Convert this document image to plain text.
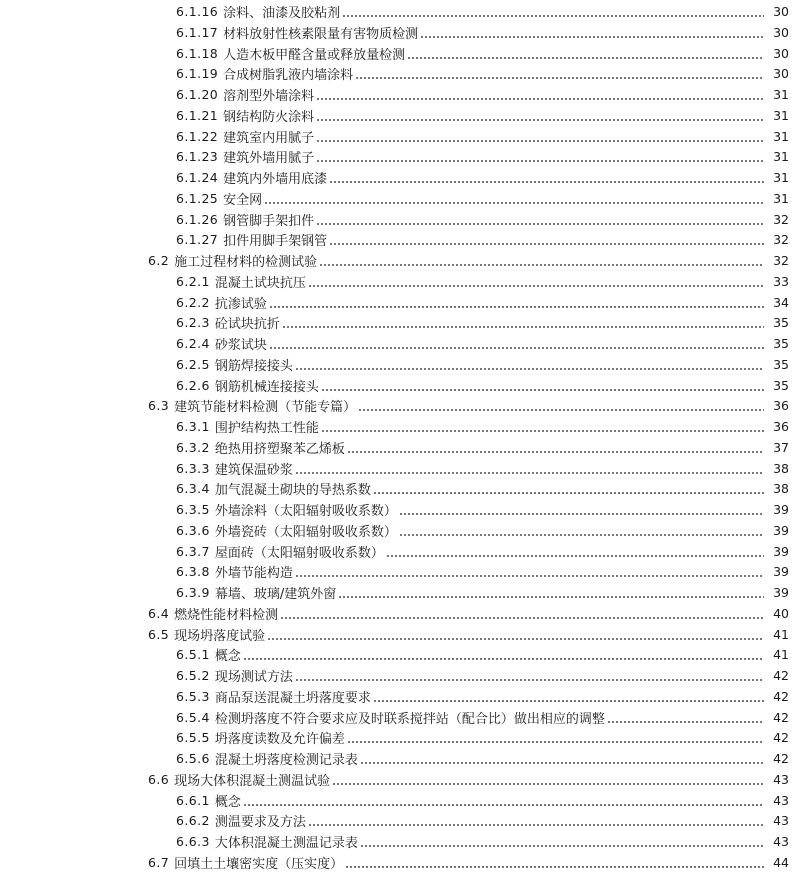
6.1.16 涂料、油漆及胶粘剂	30
6.1.17 材料放射性核素限量有害物质检测	30
6.1.18 人造木板甲醛含量或释放量检测	30
6.1.19 合成树脂乳液内墙涂料	30
6.1.20 溶剂型外墙涂料	31
6.1.21 钢结构防火涂料	31
6.1.22 建筑室内用腻子	31
6.1.23 建筑外墙用腻子	31
6.1.24 建筑内外墙用底漆	31
6.1.25 安全网	31
6.1.26 钢管脚手架扣件	32
6.1.27 扣件用脚手架钢管	32
6.2 施工过程材料的检测试验	32
6.2.1 混凝土试块抗压	33
6.2.2 抗渗试验	34
6.2.3 砼试块抗折	35
6.2.4 砂浆试块	35
6.2.5 钢筋焊接接头	35
6.2.6 钢筋机械连接接头	35
6.3 建筑节能材料检测（节能专篇）	36
6.3.1 围护结构热工性能	36
6.3.2 绝热用挤塑聚苯乙烯板	37
6.3.3 建筑保温砂浆	38
6.3.4 加气混凝土砌块的导热系数	38
6.3.5 外墙涂料（太阳辐射吸收系数）	39
6.3.6 外墙瓷砖（太阳辐射吸收系数）	39
6.3.7 屋面砖（太阳辐射吸收系数）	39
6.3.8 外墙节能构造	39
6.3.9 幕墙、玻璃/建筑外窗	39
6.4 燃烧性能材料检测	40
6.5 现场坍落度试验	41
6.5.1 概念	41
6.5.2 现场测试方法	42
6.5.3 商品泵送混凝土坍落度要求	42
6.5.4 检测坍落度不符合要求应及时联系搅拌站（配合比）做出相应的调整	42
6.5.5 坍落度读数及允许偏差	42
6.5.6 混凝土坍落度检测记录表	42
6.6 现场大体积混凝土测温试验	43
6.6.1 概念	43
6.6.2 测温要求及方法	43
6.6.3 大体积混凝土测温记录表	43
6.7 回填土土壤密实度（压实度）	44
